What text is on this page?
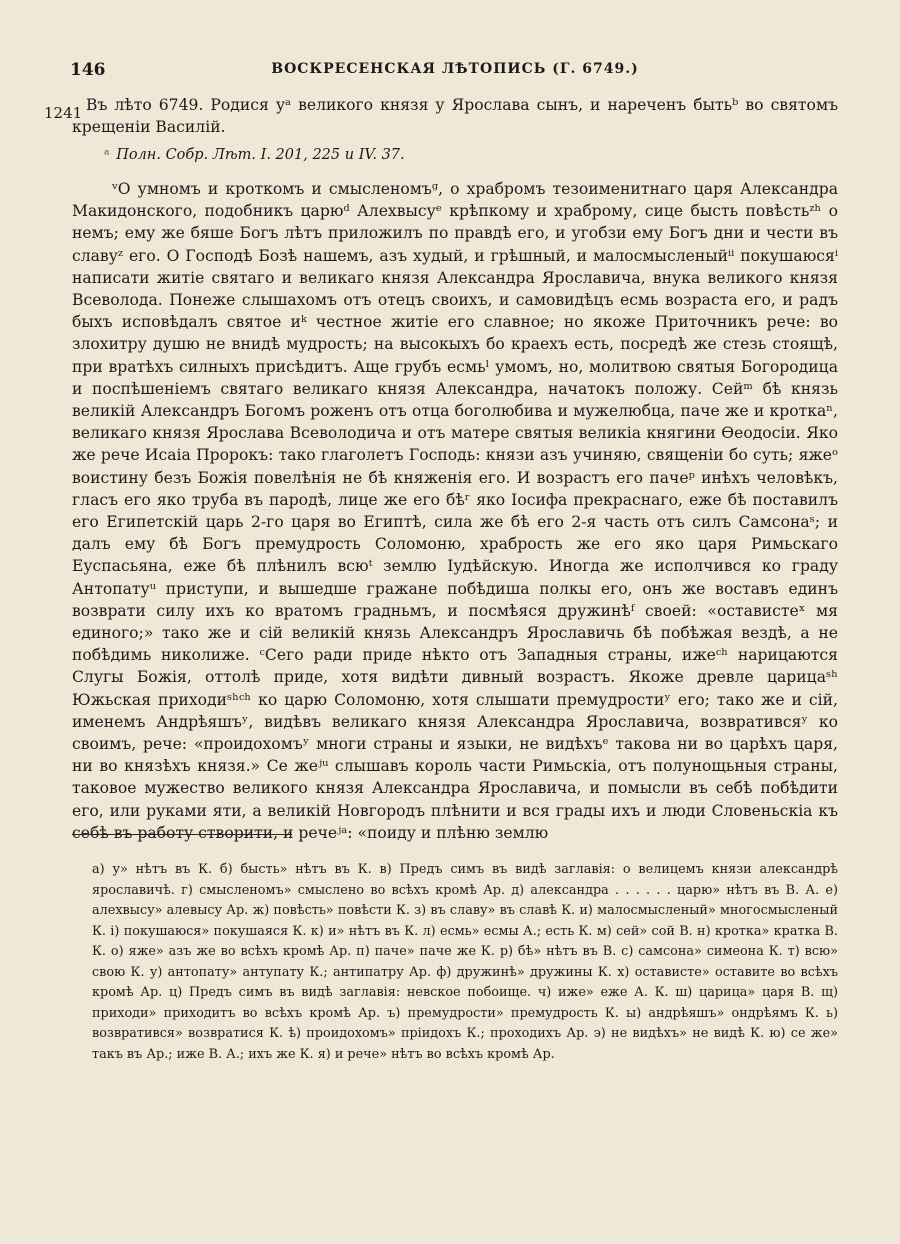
146	ВОСКРЕСЕНСКАЯ ЛѢТОПИСЬ (Г. 6749.)
1241 Въ лѣто 6749. Родися уᵃ великого князя у Ярослава сынъ, и нареченъ бытьᵇ во святомъ крещеніи Василій.
ᵃ Полн. Собр. Лѣт. I. 201, 225 и IV. 37.
ᵛО умномъ и кроткомъ и смысленомъᵍ, о храбромъ тезоименитнаго царя Александра Макидонского, подобникъ царюᵈ Алехвысуᵉ крѣпкому и храброму, сице бысть повѣстьᶻʰ о немъ; ему же бяше Богъ лѣтъ приложилъ по правдѣ его, и угобзи ему Богъ дни и чести въ славуᶻ его. О Господѣ Бозѣ нашемъ, азъ худый, и грѣшный, и малосмысленыйⁱⁱ покушаюсяⁱ написати житіе святаго и великаго князя Александра Ярославича, внука великого князя Всеволода. Понеже слышахомъ отъ отецъ своихъ, и самовидѣцъ есмь возраста его, и радъ быхъ исповѣдалъ святое иᵏ честное житіе его славное; но якоже Приточникъ рече: во злохитру душю не внидѣ мудрость; на высокыхъ бо краехъ есть, посредѣ же стезь стоящѣ, при вратѣхъ силныхъ присѣдитъ. Аще грубъ есмьˡ умомъ, но, молитвою святыя Богородица и поспѣшеніемъ святаго великаго князя Александра, начатокъ положу. Сейᵐ бѣ князь великій Александръ Богомъ роженъ отъ отца боголюбива и мужелюбца, паче же и кроткаⁿ, великаго князя Ярослава Всеволодича и отъ матере святыя великіа княгини Ѳеодосіи. Яко же рече Исаіа Пророкъ: тако глаголетъ Господь: князи азъ учиняю, священіи бо суть; яжеᵒ воистину безъ Божія повелѣнія не бѣ княженія его. И возрастъ его пачеᵖ инѣхъ человѣкъ, гласъ его яко труба въ пародѣ, лице же его бѣʳ яко Іосифа прекраснаго, еже бѣ поставилъ его Египетскій царь 2-го царя во Египтѣ, сила же бѣ его 2-я часть отъ силъ Самсонаˢ; и далъ ему бѣ Богъ премудрость Соломоню, храбрость же его яко царя Римьскаго Еуспасьяна, еже бѣ плѣнилъ всюᵗ землю Іудѣйскую. Иногда же исполчився ко граду Антопатуᵘ приступи, и вышедше гражане побѣдиша полкы его, онъ же воставъ единъ возврати силу ихъ ко вратомъ градньмъ, и посмѣяся дружинѣᶠ своей: «оставистеˣ мя единого;» тако же и сій великій князь Александръ Ярославичь бѣ побѣжая вездѣ, а не побѣдимь николиже. ᶜСего ради приде нѣкто отъ Западныя страны, ижеᶜʰ нарицаются Слугы Божія, оттолѣ приде, хотя видѣти дивный возрастъ. Якоже древле царицаˢʰ Южьская приходиˢʰᶜʰ ко царю Соломоню, хотя слышати премудростиʸ его; тако же и сій, именемъ Андрѣяшъʸ, видѣвъ великаго князя Александра Ярославича, возвративсяʸ ко своимъ, рече: «проидохомъʸ многи страны и языки, не видѣхъᵉ такова ни во царѣхъ царя, ни во князѣхъ князя.» Се жеʲᵘ слышавъ король части Римьскіа, отъ полунощьныя страны, таковое мужество великого князя Александра Ярославича, и помысли въ себѣ побѣдити его, или руками яти, а великій Новгородъ плѣнити и вся грады ихъ и люди Словеньскіа къ себѣ въ работу створити, и речеʲᵃ: «поиду и плѣню землю
а) у» нѣтъ въ К. б) бысть» нѣтъ въ К. в) Предъ симъ въ видѣ заглавія: о велицемъ князи александрѣ ярославичѣ. г) смысленомъ» смыслено во всѣхъ кромѣ Ар. д) александра . . . . . . царю» нѣтъ въ В. А. е) алехвысу» алевысу Ар. ж) повѣсть» повѣсти К. з) въ славу» въ славѣ К. и) малосмысленый» многосмысленый К. і) покушаюся» покушаяся К. к) и» нѣтъ въ К. л) есмь» есмы А.; есть К. м) сей» сой В. н) кротка» кратка В. К. о) яже» азъ же во всѣхъ кромѣ Ар. п) паче» паче же К. р) бѣ» нѣтъ въ В. с) самсона» симеона К. т) всю» свою К. у) антопату» антупату К.; антипатру Ар. ф) дружинѣ» дружины К. х) остависте» оставите во всѣхъ кромѣ Ар. ц) Предъ симъ въ видѣ заглавія: невское побоище. ч) иже» еже А. К. ш) царица» царя В. щ) приходи» приходитъ во всѣхъ кромѣ Ар. ъ) премудрости» премудрость К. ы) андрѣяшъ» ондрѣямъ К. ь) возвратився» возвратися К. ѣ) проидохомъ» пріидохъ К.; проходихъ Ар. э) не видѣхъ» не видѣ К. ю) се же» такъ въ Ар.; иже В. А.; ихъ же К. я) и рече» нѣтъ во всѣхъ кромѣ Ар.
